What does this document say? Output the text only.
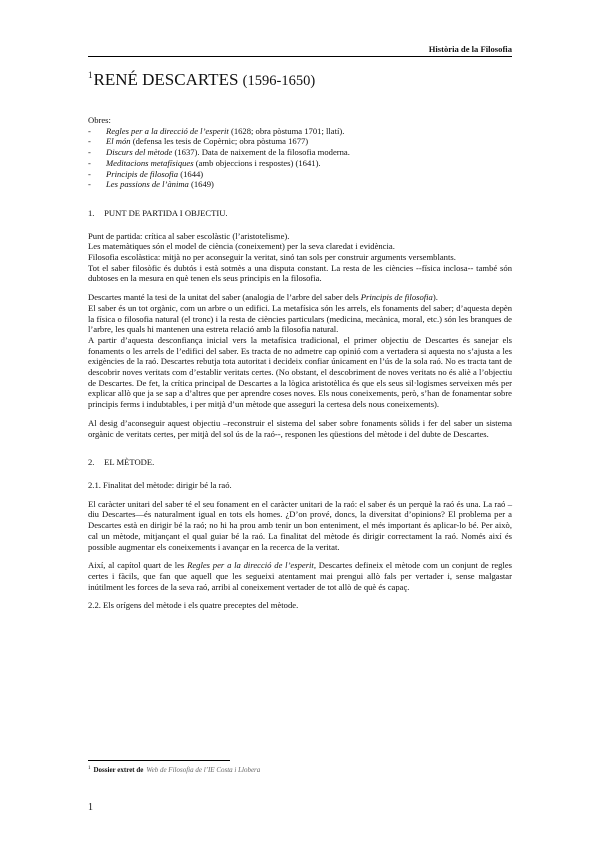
Història de la Filosofia
$^1$RENÉ DESCARTES (1596-1650)

Obres:

- Regles per a la direcció de l’esperit (1628; obra pòstuma 1701; llatí).
- El món (defensa les tesis de Copèrnic; obra pòstuma 1677)
- Discurs del mètode (1637). Data de naixement de la filosofia moderna.
- Meditacions metafísiques (amb objeccions i respostes) (1641).
- Principis de filosofia (1644)
- Les passions de l’ànima (1649)

1. PUNT DE PARTIDA I OBJECTIU.

Punt de partida: crítica al saber escolàstic (l’aristotelisme).

Les matemàtiques són el model de ciència (coneixement) per la seva claredat i evidència.

Filosofia escolàstica: mitjà no per aconseguir la veritat, sinó tan sols per construir arguments versemblants.

Tot el saber filosòfic és dubtós i està sotmès a una disputa constant. La resta de les ciències --física inclosa-- també són dubtoses en la mesura en què tenen els seus principis en la filosofia.

Descartes manté la tesi de la unitat del saber (analogia de l’arbre del saber dels Principis de filosofia).

El saber és un tot orgànic, com un arbre o un edifici. La metafísica són les arrels, els fonaments del saber; d’aquesta depèn la física o filosofia natural (el tronc) i la resta de ciències particulars (medicina, mecànica, moral, etc.) són les branques de l’arbre, les quals hi mantenen una estreta relació amb la filosofia natural.

A partir d’aquesta desconfiança inicial vers la metafísica tradicional, el primer objectiu de Descartes és sanejar els fonaments o les arrels de l’edifici del saber. Es tracta de no admetre cap opinió com a vertadera si aquesta no s’ajusta a les exigències de la raó. Descartes rebutja tota autoritat i decideix confiar únicament en l’ús de la sola raó. No es tracta tant de descobrir noves veritats com d’establir veritats certes. (No obstant, el descobriment de noves veritats no és aliè a l’objectiu de Descartes. De fet, la crítica principal de Descartes a la lògica aristotèlica és que els seus sil·logismes serveixen més per explicar allò que ja se sap a d’altres que per aprendre coses noves. Els nous coneixements, però, s’han de fonamentar sobre principis ferms i indubtables, i per mitjà d’un mètode que asseguri la certesa dels nous coneixements).

Al desig d’aconseguir aquest objectiu –reconstruir el sistema del saber sobre fonaments sòlids i fer del saber un sistema orgànic de veritats certes, per mitjà del sol ús de la raó--, responen les qüestions del mètode i del dubte de Descartes.

2. EL MÈTODE.

2.1. Finalitat del mètode: dirigir bé la raó.

El caràcter unitari del saber té el seu fonament en el caràcter unitari de la raó: el saber és un perquè la raó és una. La raó –diu Descartes—és naturalment igual en tots els homes. ¿D’on prové, doncs, la diversitat d’opinions? El problema per a Descartes està en dirigir bé la raó; no hi ha prou amb tenir un bon enteniment, el més important és aplicar-lo bé. Per això, cal un mètode, mitjançant el qual guiar bé la raó. La finalitat del mètode és dirigir correctament la raó. Només així és possible augmentar els coneixements i avançar en la recerca de la veritat.

Així, al capítol quart de les Regles per a la direcció de l’esperit, Descartes defineix el mètode com un conjunt de regles certes i fàcils, que fan que aquell que les segueixi atentament mai prengui allò fals per vertader i, sense malgastar inútilment les forces de la seva raó, arribi al coneixement vertader de tot allò de què és capaç.

2.2. Els orígens del mètode i els quatre preceptes del mètode.

$^1$ Dossier extret de Web de Filosofia de l’IE Costa i Llobera
1
